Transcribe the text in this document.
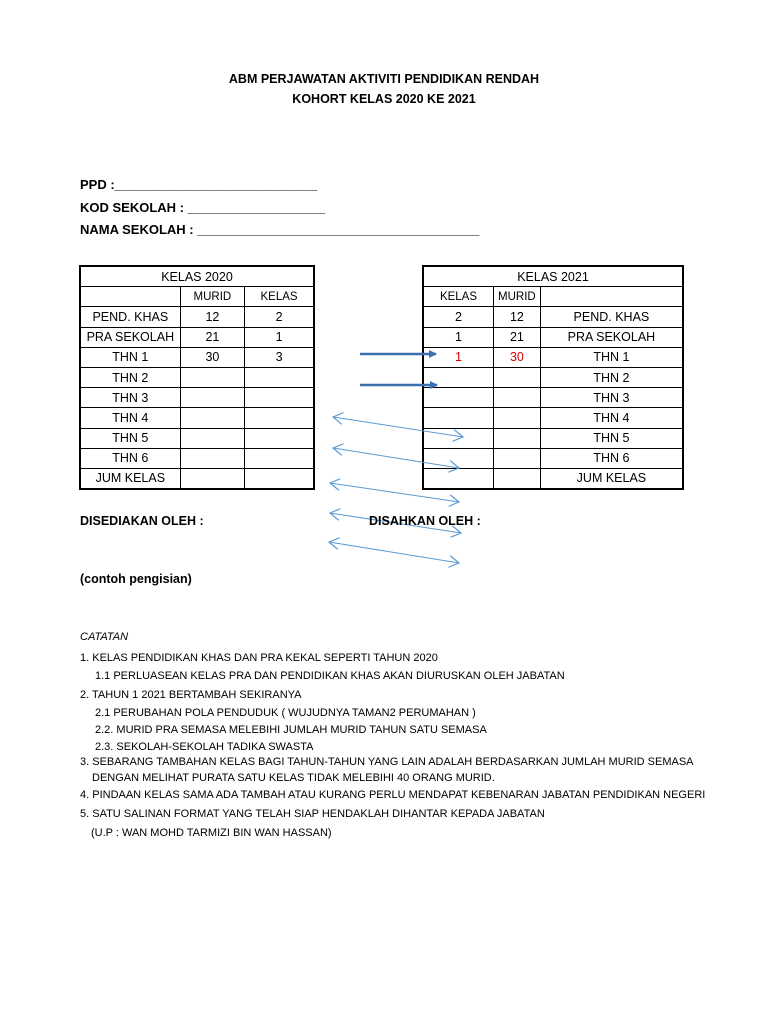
ABM PERJAWATAN AKTIVITI PENDIDIKAN RENDAH
KOHORT KELAS 2020 KE 2021
PPD :____________________________
KOD SEKOLAH : ___________________
NAMA SEKOLAH : _______________________________________
KELAS 2020		
	MURID	KELAS
PEND. KHAS	12	2
PRA SEKOLAH	21	1
THN 1	30	3
THN 2		
THN 3		
THN 4		
THN 5		
THN 6		
JUM KELAS		
KELAS 2021		
KELAS	MURID	
2	12	PEND. KHAS
1	21	PRA SEKOLAH
1	30	THN 1
		THN 2
		THN 3
		THN 4
		THN 5
		THN 6
		JUM KELAS
DISEDIAKAN OLEH :	DISAHKAN OLEH :
(contoh pengisian)
CATATAN
1. KELAS PENDIDIKAN KHAS DAN PRA KEKAL SEPERTI TAHUN 2020
1.1 PERLUASEAN KELAS PRA DAN PENDIDIKAN KHAS AKAN DIURUSKAN OLEH JABATAN
2. TAHUN 1 2021 BERTAMBAH SEKIRANYA
2.1 PERUBAHAN POLA PENDUDUK ( WUJUDNYA TAMAN2 PERUMAHAN )
2.2. MURID PRA SEMASA MELEBIHI JUMLAH MURID TAHUN SATU SEMASA
2.3. SEKOLAH-SEKOLAH TADIKA SWASTA
3. SEBARANG TAMBAHAN KELAS BAGI TAHUN-TAHUN YANG LAIN ADALAH BERDASARKAN JUMLAH MURID SEMASA
DENGAN MELIHAT PURATA SATU KELAS TIDAK MELEBIHI 40 ORANG MURID.
4. PINDAAN KELAS SAMA ADA TAMBAH ATAU KURANG PERLU MENDAPAT KEBENARAN JABATAN PENDIDIKAN NEGERI
5. SATU SALINAN FORMAT YANG TELAH SIAP HENDAKLAH DIHANTAR KEPADA JABATAN
(U.P : WAN MOHD TARMIZI BIN WAN HASSAN)
